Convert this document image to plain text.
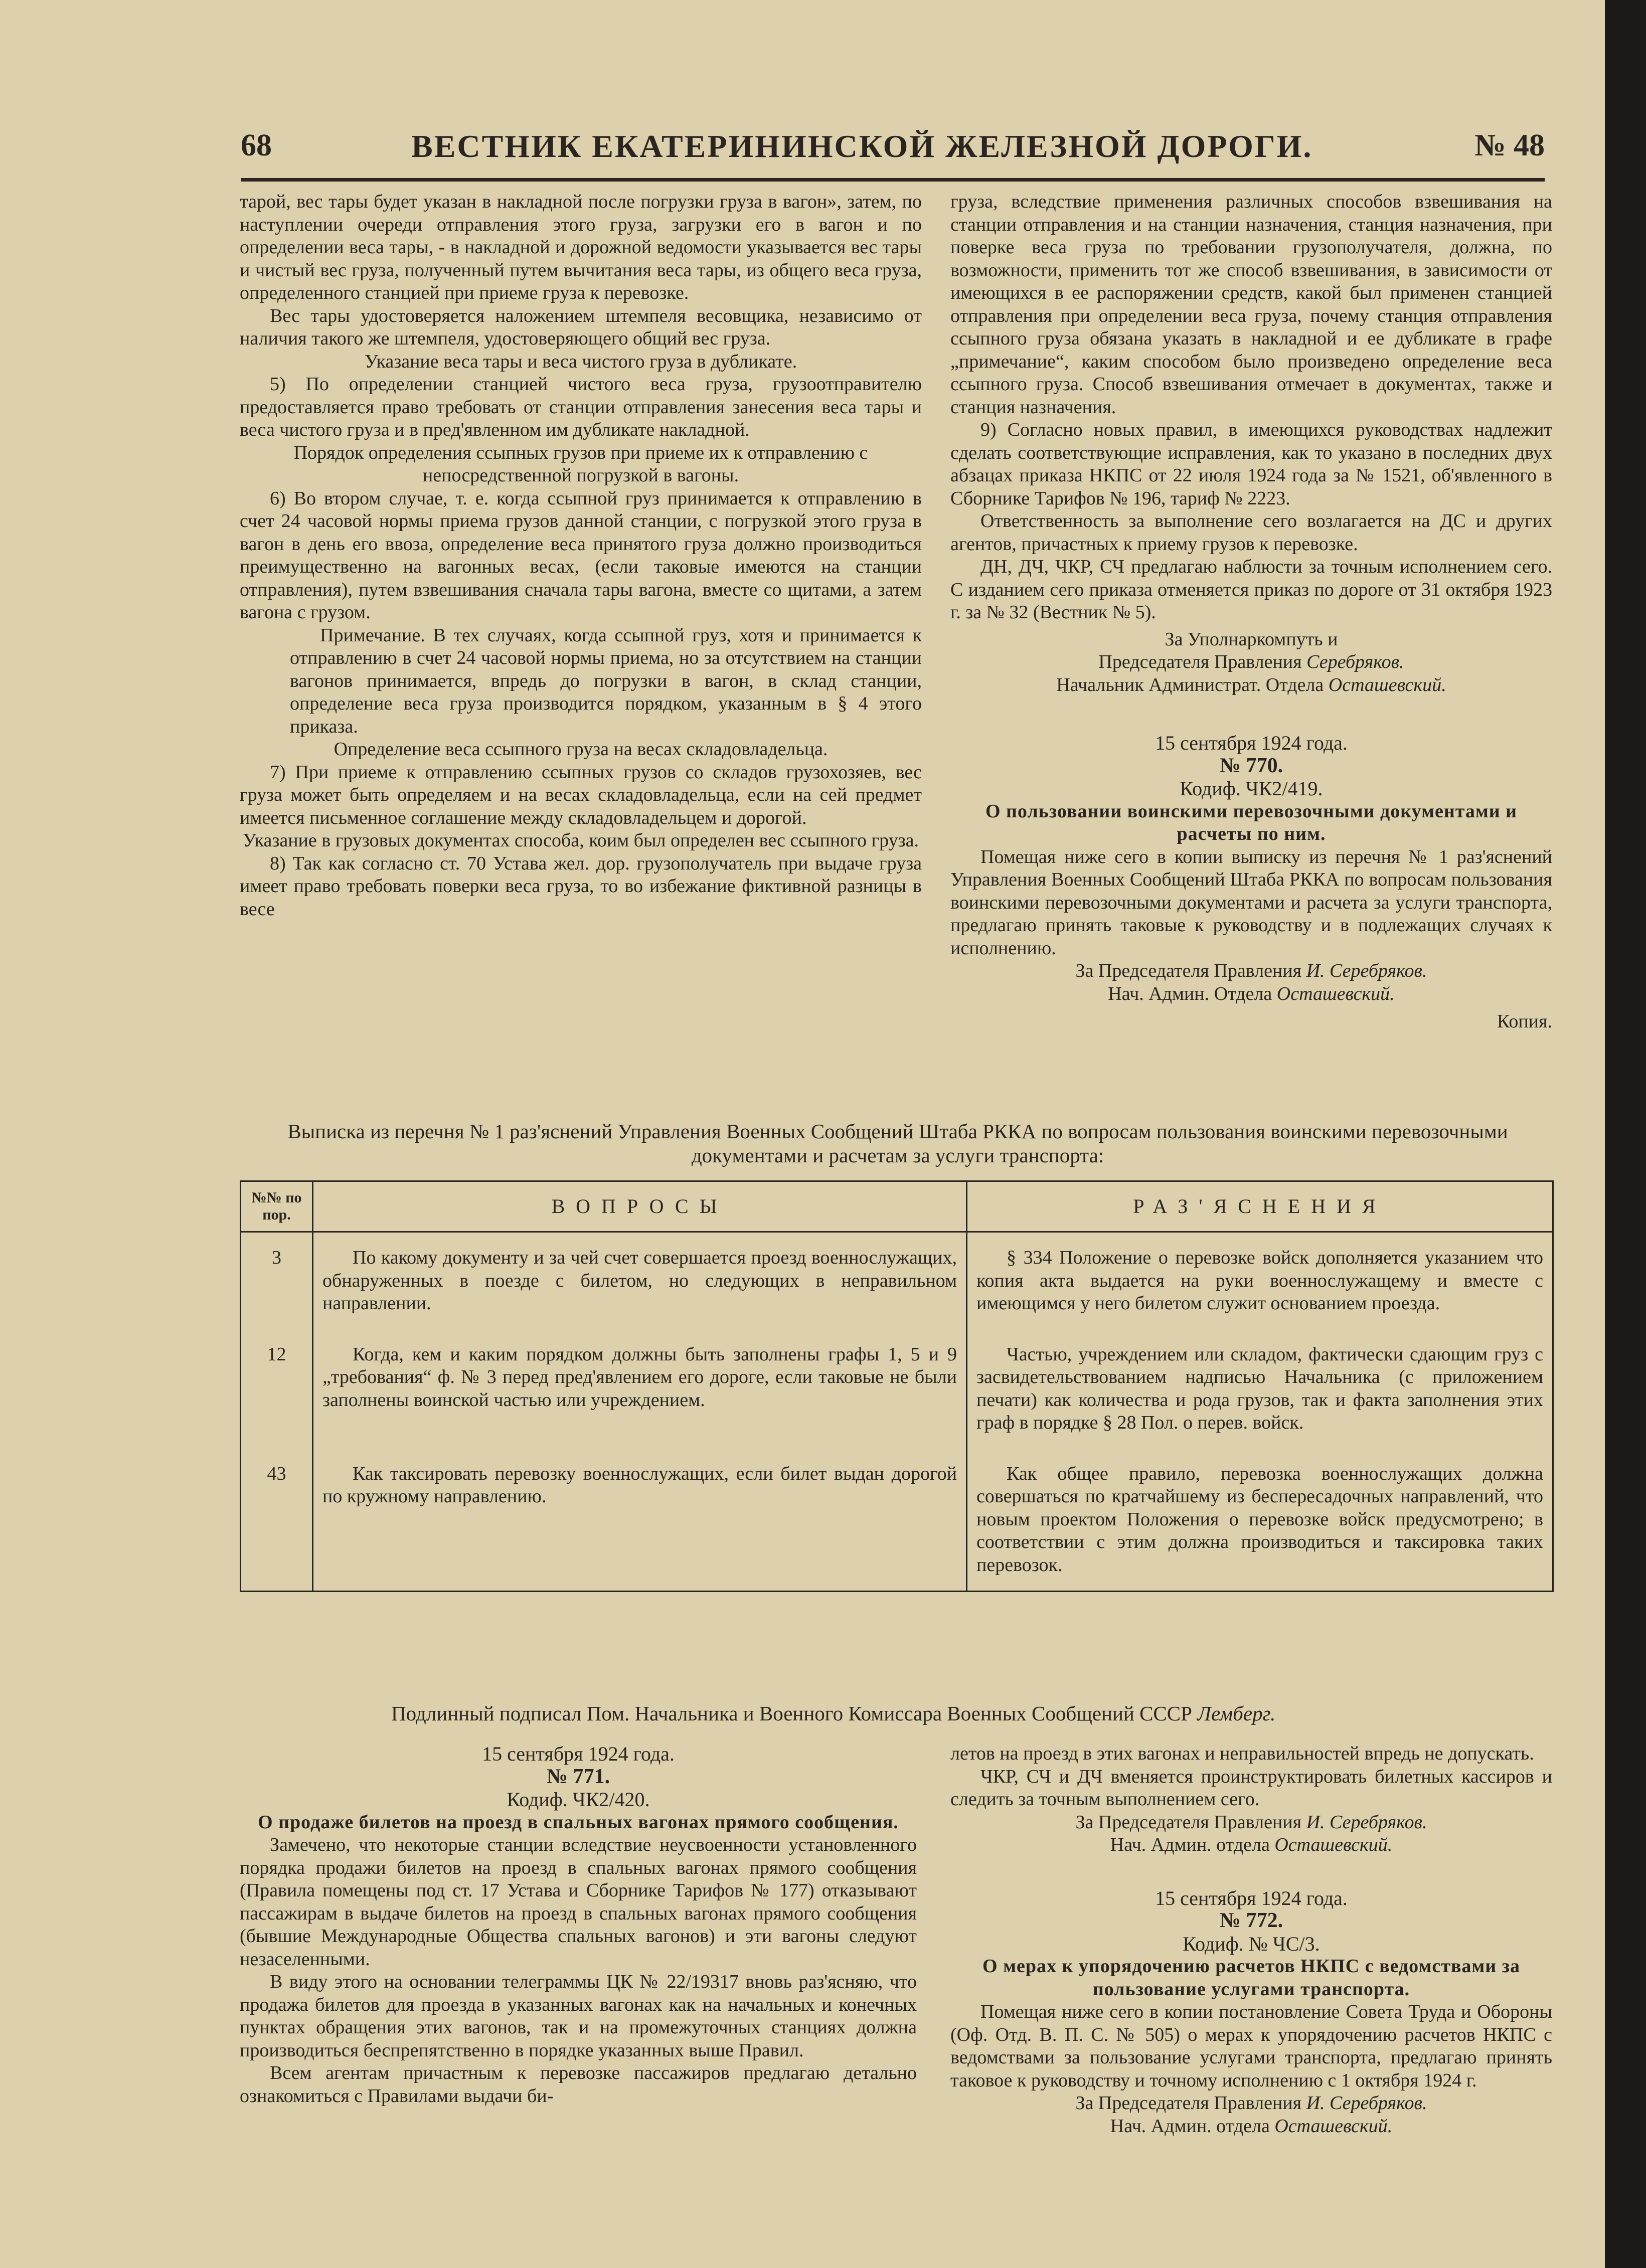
68	ВЕСТНИК ЕКАТЕРИНИНСКОЙ ЖЕЛЕЗНОЙ ДОРОГИ.	№ 48

тарой, вес тары будет указан в накладной после погрузки груза в вагон», затем, по наступлении очереди отправления этого груза, загрузки его в вагон и по определении веса тары, - в накладной и дорожной ведомости указывается вес тары и чистый вес груза, полученный путем вычитания веса тары, из общего веса груза, определенного станцией при приеме груза к перевозке.

Вес тары удостоверяется наложением штемпеля весовщика, независимо от наличия такого же штемпеля, удостоверяющего общий вес груза.

Указание веса тары и веса чистого груза в дубликате.

5) По определении станцией чистого веса груза, грузоотправителю предоставляется право требовать от станции отправления занесения веса тары и веса чистого груза и в пред'явленном им дубликате накладной.

Порядок определения ссыпных грузов при приеме их к отправлению с непосредственной погрузкой в вагоны.

6) Во втором случае, т. е. когда ссыпной груз принимается к отправлению в счет 24 часовой нормы приема грузов данной станции, с погрузкой этого груза в вагон в день его ввоза, определение веса принятого груза должно производиться преимущественно на вагонных весах, (если таковые имеются на станции отправления), путем взвешивания сначала тары вагона, вместе со щитами, а затем вагона с грузом.

Примечание. В тех случаях, когда ссыпной груз, хотя и принимается к отправлению в счет 24 часовой нормы приема, но за отсутствием на станции вагонов принимается, впредь до погрузки в вагон, в склад станции, определение веса груза производится порядком, указанным в § 4 этого приказа.

Определение веса ссыпного груза на весах складовладельца.

7) При приеме к отправлению ссыпных грузов со складов грузохозяев, вес груза может быть определяем и на весах складовладельца, если на сей предмет имеется письменное соглашение между складовладельцем и дорогой.

Указание в грузовых документах способа, коим был определен вес ссыпного груза.

8) Так как согласно ст. 70 Устава жел. дор. грузополучатель при выдаче груза имеет право требовать поверки веса груза, то во избежание фиктивной разницы в весе

груза, вследствие применения различных способов взвешивания на станции отправления и на станции назначения, станция назначения, при поверке веса груза по требовании грузополучателя, должна, по возможности, применить тот же способ взвешивания, в зависимости от имеющихся в ее распоряжении средств, какой был применен станцией отправления при определении веса груза, почему станция отправления ссыпного груза обязана указать в накладной и ее дубликате в графе „примечание“, каким способом было произведено определение веса ссыпного груза. Способ взвешивания отмечает в документах, также и станция назначения.

9) Согласно новых правил, в имеющихся руководствах надлежит сделать соответствующие исправления, как то указано в последних двух абзацах приказа НКПС от 22 июля 1924 года за № 1521, об'явленного в Сборнике Тарифов № 196, тариф № 2223.

Ответственность за выполнение сего возлагается на ДС и других агентов, причастных к приему грузов к перевозке.

ДН, ДЧ, ЧКР, СЧ предлагаю наблюсти за точным исполнением сего. С изданием сего приказа отменяется приказ по дороге от 31 октября 1923 г. за № 32 (Вестник № 5).

За Уполнаркомпуть и

Председателя Правления Серебряков.

Начальник Администрат. Отдела Осташевский.

15 сентября 1924 года.

№ 770.

Кодиф. ЧК2/419.

О пользовании воинскими перевозочными документами и расчеты по ним.

Помещая ниже сего в копии выписку из перечня № 1 раз'яснений Управления Военных Сообщений Штаба РККА по вопросам пользования воинскими перевозочными документами и расчета за услуги транспорта, предлагаю принять таковые к руководству и в подлежащих случаях к исполнению.

За Председателя Правления И. Серебряков.

Нач. Админ. Отдела Осташевский.

Копия.

Выписка из перечня № 1 раз'яснений Управления Военных Сообщений Штаба РККА по вопросам пользования воинскими перевозочными документами и расчетам за услуги транспорта:
№№ по пор.	ВОПРОСЫ	РАЗ'ЯСНЕНИЯ
3	По какому документу и за чей счет совершается проезд военнослужащих, обнаруженных в поезде с билетом, но следующих в неправильном направлении.	§ 334 Положение о перевозке войск дополняется указанием что копия акта выдается на руки военнослужащему и вместе с имеющимся у него билетом служит основанием проезда.

12	Когда, кем и каким порядком должны быть заполнены графы 1, 5 и 9 „требования“ ф. № 3 перед пред'явлением его дороге, если таковые не были заполнены воинской частью или учреждением.	Частью, учреждением или складом, фактически сдающим груз с засвидетельствованием надписью Начальника (с приложением печати) как количества и рода грузов, так и факта заполнения этих граф в порядке § 28 Пол. о перев. войск.

43	Как таксировать перевозку военнослужащих, если билет выдан дорогой по кружному направлению.	Как общее правило, перевозка военнослужащих должна совершаться по кратчайшему из беспересадочных направлений, что новым проектом Положения о перевозке войск предусмотрено; в соответствии с этим должна производиться и таксировка таких перевозок.
Подлинный подписал Пом. Начальника и Военного Комиссара Военных Сообщений СССР Лемберг.

15 сентября 1924 года.

№ 771.

Кодиф. ЧК2/420.

О продаже билетов на проезд в спальных вагонах прямого сообщения.

Замечено, что некоторые станции вследствие неусвоенности установленного порядка продажи билетов на проезд в спальных вагонах прямого сообщения (Правила помещены под ст. 17 Устава и Сборнике Тарифов № 177) отказывают пассажирам в выдаче билетов на проезд в спальных вагонах прямого сообщения (бывшие Международные Общества спальных вагонов) и эти вагоны следуют незаселенными.

В виду этого на основании телеграммы ЦК № 22/19317 вновь раз'ясняю, что продажа билетов для проезда в указанных вагонах как на начальных и конечных пунктах обращения этих вагонов, так и на промежуточных станциях должна производиться беспрепятственно в порядке указанных выше Правил.

Всем агентам причастным к перевозке пассажиров предлагаю детально ознакомиться с Правилами выдачи би-

летов на проезд в этих вагонах и неправильностей впредь не допускать.

ЧКР, СЧ и ДЧ вменяется проинструктировать билетных кассиров и следить за точным выполнением сего.

За Председателя Правления И. Серебряков.

Нач. Админ. отдела Осташевский.

15 сентября 1924 года.

№ 772.

Кодиф. № ЧС/3.

О мерах к упорядочению расчетов НКПС с ведомствами за пользование услугами транспорта.

Помещая ниже сего в копии постановление Совета Труда и Обороны (Оф. Отд. В. П. С. № 505) о мерах к упорядочению расчетов НКПС с ведомствами за пользование услугами транспорта, предлагаю принять таковое к руководству и точному исполнению с 1 октября 1924 г.

За Председателя Правления И. Серебряков.

Нач. Админ. отдела Осташевский.
